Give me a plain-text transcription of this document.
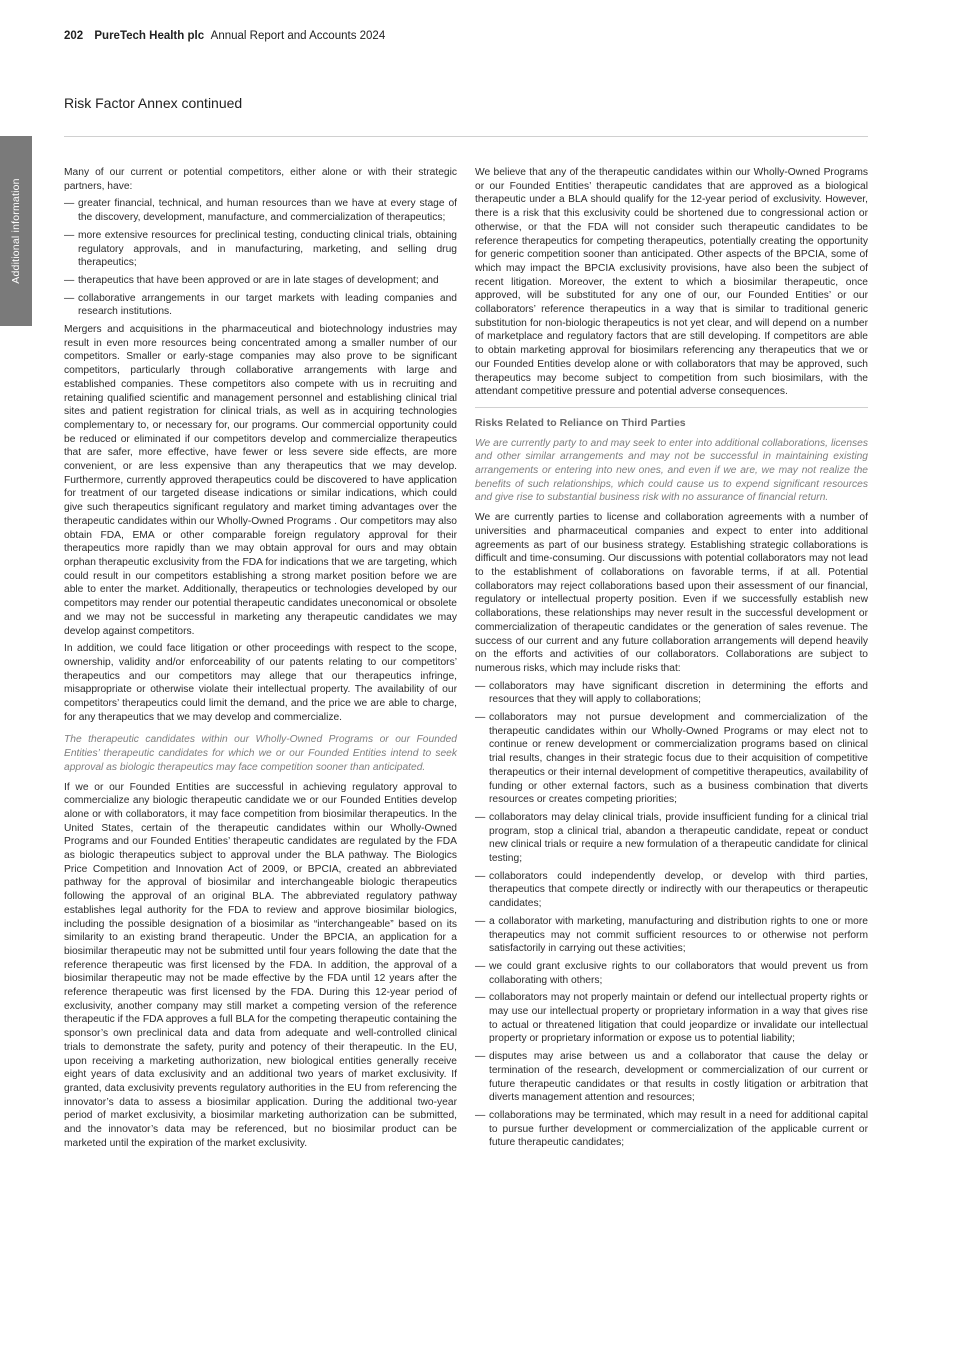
202 PureTech Health plc Annual Report and Accounts 2024
Risk Factor Annex continued
Additional information

Many of our current or potential competitors, either alone or with their strategic partners, have:

— greater financial, technical, and human resources than we have at every stage of the discovery, development, manufacture, and commercialization of therapeutics;
— more extensive resources for preclinical testing, conducting clinical trials, obtaining regulatory approvals, and in manufacturing, marketing, and selling drug therapeutics;
— therapeutics that have been approved or are in late stages of development; and
— collaborative arrangements in our target markets with leading companies and research institutions.

Mergers and acquisitions in the pharmaceutical and biotechnology industries may result in even more resources being concentrated among a smaller number of our competitors. Smaller or early-stage companies may also prove to be significant competitors, particularly through collaborative arrangements with large and established companies. These competitors also compete with us in recruiting and retaining qualified scientific and management personnel and establishing clinical trial sites and patient registration for clinical trials, as well as in acquiring technologies complementary to, or necessary for, our programs. Our commercial opportunity could be reduced or eliminated if our competitors develop and commercialize therapeutics that are safer, more effective, have fewer or less severe side effects, are more convenient, or are less expensive than any therapeutics that we may develop. Furthermore, currently approved therapeutics could be discovered to have application for treatment of our targeted disease indications or similar indications, which could give such therapeutics significant regulatory and market timing advantages over the therapeutic candidates within our Wholly-Owned Programs . Our competitors may also obtain FDA, EMA or other comparable foreign regulatory approval for their therapeutics more rapidly than we may obtain approval for ours and may obtain orphan therapeutic exclusivity from the FDA for indications that we are targeting, which could result in our competitors establishing a strong market position before we are able to enter the market. Additionally, therapeutics or technologies developed by our competitors may render our potential therapeutic candidates uneconomical or obsolete and we may not be successful in marketing any therapeutic candidates we may develop against competitors.

In addition, we could face litigation or other proceedings with respect to the scope, ownership, validity and/or enforceability of our patents relating to our competitors’ therapeutics and our competitors may allege that our therapeutics infringe, misappropriate or otherwise violate their intellectual property. The availability of our competitors’ therapeutics could limit the demand, and the price we are able to charge, for any therapeutics that we may develop and commercialize.

The therapeutic candidates within our Wholly-Owned Programs or our Founded Entities’ therapeutic candidates for which we or our Founded Entities intend to seek approval as biologic therapeutics may face competition sooner than anticipated.

If we or our Founded Entities are successful in achieving regulatory approval to commercialize any biologic therapeutic candidate we or our Founded Entities develop alone or with collaborators, it may face competition from biosimilar therapeutics. In the United States, certain of the therapeutic candidates within our Wholly-Owned Programs and our Founded Entities’ therapeutic candidates are regulated by the FDA as biologic therapeutics subject to approval under the BLA pathway. The Biologics Price Competition and Innovation Act of 2009, or BPCIA, created an abbreviated pathway for the approval of biosimilar and interchangeable biologic therapeutics following the approval of an original BLA. The abbreviated regulatory pathway establishes legal authority for the FDA to review and approve biosimilar biologics, including the possible designation of a biosimilar as “interchangeable” based on its similarity to an existing brand therapeutic. Under the BPCIA, an application for a biosimilar therapeutic may not be submitted until four years following the date that the reference therapeutic was first licensed by the FDA. In addition, the approval of a biosimilar therapeutic may not be made effective by the FDA until 12 years after the reference therapeutic was first licensed by the FDA. During this 12-year period of exclusivity, another company may still market a competing version of the reference therapeutic if the FDA approves a full BLA for the competing therapeutic containing the sponsor’s own preclinical data and data from adequate and well-controlled clinical trials to demonstrate the safety, purity and potency of their therapeutic. In the EU, upon receiving a marketing authorization, new biological entities generally receive eight years of data exclusivity and an additional two years of market exclusivity. If granted, data exclusivity prevents regulatory authorities in the EU from referencing the innovator’s data to assess a biosimilar application. During the additional two-year period of market exclusivity, a biosimilar marketing authorization can be submitted, and the innovator’s data may be referenced, but no biosimilar product can be marketed until the expiration of the market exclusivity.

We believe that any of the therapeutic candidates within our Wholly-Owned Programs or our Founded Entities’ therapeutic candidates that are approved as a biological therapeutic under a BLA should qualify for the 12-year period of exclusivity. However, there is a risk that this exclusivity could be shortened due to congressional action or otherwise, or that the FDA will not consider such therapeutic candidates to be reference therapeutics for competing therapeutics, potentially creating the opportunity for generic competition sooner than anticipated. Other aspects of the BPCIA, some of which may impact the BPCIA exclusivity provisions, have also been the subject of recent litigation. Moreover, the extent to which a biosimilar therapeutic, once approved, will be substituted for any one of our, our Founded Entities’ or our collaborators’ reference therapeutics in a way that is similar to traditional generic substitution for non-biologic therapeutics is not yet clear, and will depend on a number of marketplace and regulatory factors that are still developing. If competitors are able to obtain marketing approval for biosimilars referencing any therapeutics that we or our Founded Entities develop alone or with collaborators that may be approved, such therapeutics may become subject to competition from such biosimilars, with the attendant competitive pressure and potential adverse consequences.

Risks Related to Reliance on Third Parties

We are currently party to and may seek to enter into additional collaborations, licenses and other similar arrangements and may not be successful in maintaining existing arrangements or entering into new ones, and even if we are, we may not realize the benefits of such relationships, which could cause us to expend significant resources and give rise to substantial business risk with no assurance of financial return.

We are currently parties to license and collaboration agreements with a number of universities and pharmaceutical companies and expect to enter into additional agreements as part of our business strategy. Establishing strategic collaborations is difficult and time-consuming. Our discussions with potential collaborators may not lead to the establishment of collaborations on favorable terms, if at all. Potential collaborators may reject collaborations based upon their assessment of our financial, regulatory or intellectual property position. Even if we successfully establish new collaborations, these relationships may never result in the successful development or commercialization of therapeutic candidates or the generation of sales revenue. The success of our current and any future collaboration arrangements will depend heavily on the efforts and activities of our collaborators. Collaborations are subject to numerous risks, which may include risks that:

— collaborators may have significant discretion in determining the efforts and resources that they will apply to collaborations;
— collaborators may not pursue development and commercialization of the therapeutic candidates within our Wholly-Owned Programs or may elect not to continue or renew development or commercialization programs based on clinical trial results, changes in their strategic focus due to their acquisition of competitive therapeutics or their internal development of competitive therapeutics, availability of funding or other external factors, such as a business combination that diverts resources or creates competing priorities;
— collaborators may delay clinical trials, provide insufficient funding for a clinical trial program, stop a clinical trial, abandon a therapeutic candidate, repeat or conduct new clinical trials or require a new formulation of a therapeutic candidate for clinical testing;
— collaborators could independently develop, or develop with third parties, therapeutics that compete directly or indirectly with our therapeutics or therapeutic candidates;
— a collaborator with marketing, manufacturing and distribution rights to one or more therapeutics may not commit sufficient resources to or otherwise not perform satisfactorily in carrying out these activities;
— we could grant exclusive rights to our collaborators that would prevent us from collaborating with others;
— collaborators may not properly maintain or defend our intellectual property rights or may use our intellectual property or proprietary information in a way that gives rise to actual or threatened litigation that could jeopardize or invalidate our intellectual property or proprietary information or expose us to potential liability;
— disputes may arise between us and a collaborator that cause the delay or termination of the research, development or commercialization of our current or future therapeutic candidates or that results in costly litigation or arbitration that diverts management attention and resources;
— collaborations may be terminated, which may result in a need for additional capital to pursue further development or commercialization of the applicable current or future therapeutic candidates;
